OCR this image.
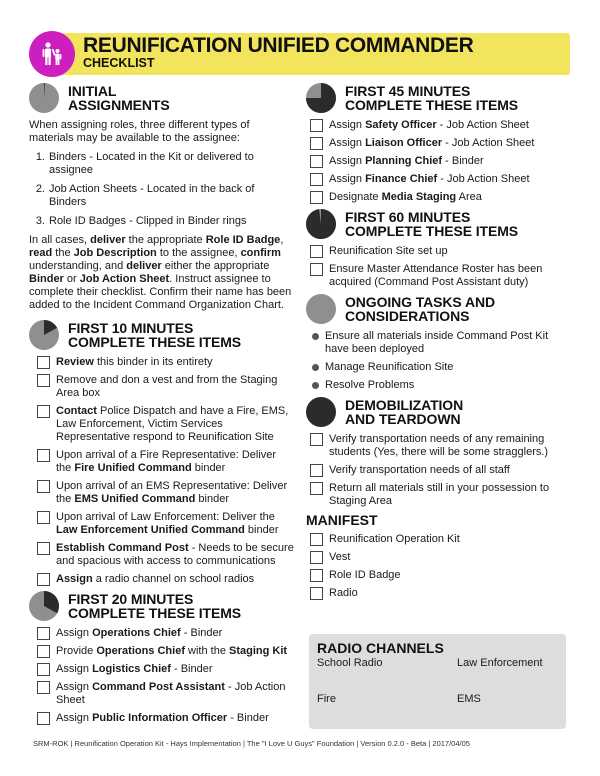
REUNIFICATION UNIFIED COMMANDER
CHECKLIST
INITIAL
ASSIGNMENTS

When assigning roles, three different types of materials may be available to the assignee:

1. Binders - Located in the Kit or delivered to assignee
2. Job Action Sheets - Located in the back of Binders
3. Role ID Badges - Clipped in Binder rings

In all cases, deliver the appropriate Role ID Badge, read the Job Description to the assignee, confirm understanding, and deliver either the appropriate Binder or Job Action Sheet. Instruct assignee to complete their checklist. Confirm their name has been added to the Incident Command Organization Chart.

FIRST 10 MINUTES
COMPLETE THESE ITEMS
Review this binder in its entirety
Remove and don a vest and from the Staging Area box
Contact Police Dispatch and have a Fire, EMS, Law Enforcement, Victim Services Representative respond to Reunification Site
Upon arrival of a Fire Representative: Deliver the Fire Unified Command binder
Upon arrival of an EMS Representative: Deliver the EMS Unified Command binder
Upon arrival of Law Enforcement: Deliver the Law Enforcement Unified Command binder
Establish Command Post - Needs to be secure and spacious with access to communications
Assign a radio channel on school radios
FIRST 20 MINUTES
COMPLETE THESE ITEMS
Assign Operations Chief - Binder
Provide Operations Chief with the Staging Kit
Assign Logistics Chief - Binder
Assign Command Post Assistant - Job Action Sheet
Assign Public Information Officer - Binder
FIRST 45 MINUTES
COMPLETE THESE ITEMS
Assign Safety Officer - Job Action Sheet
Assign Liaison Officer - Job Action Sheet
Assign Planning Chief - Binder
Assign Finance Chief - Job Action Sheet
Designate Media Staging Area
FIRST 60 MINUTES
COMPLETE THESE ITEMS
Reunification Site set up
Ensure Master Attendance Roster has been acquired (Command Post Assistant duty)
ONGOING TASKS AND
CONSIDERATIONS
Ensure all materials inside Command Post Kit have been deployed
Manage Reunification Site
Resolve Problems
DEMOBILIZATION
AND TEARDOWN
Verify transportation needs of any remaining students (Yes, there will be some stragglers.)
Verify transportation needs of all staff
Return all materials still in your possession to Staging Area
MANIFEST
Reunification Operation Kit
Vest
Role ID Badge
Radio
RADIO CHANNELS
School Radio	Law Enforcement
Fire	EMS
SRM-ROK | Reunification Operation Kit - Hays Implementation | The "I Love U Guys" Foundation | Version 0.2.0 - Beta | 2017/04/05
